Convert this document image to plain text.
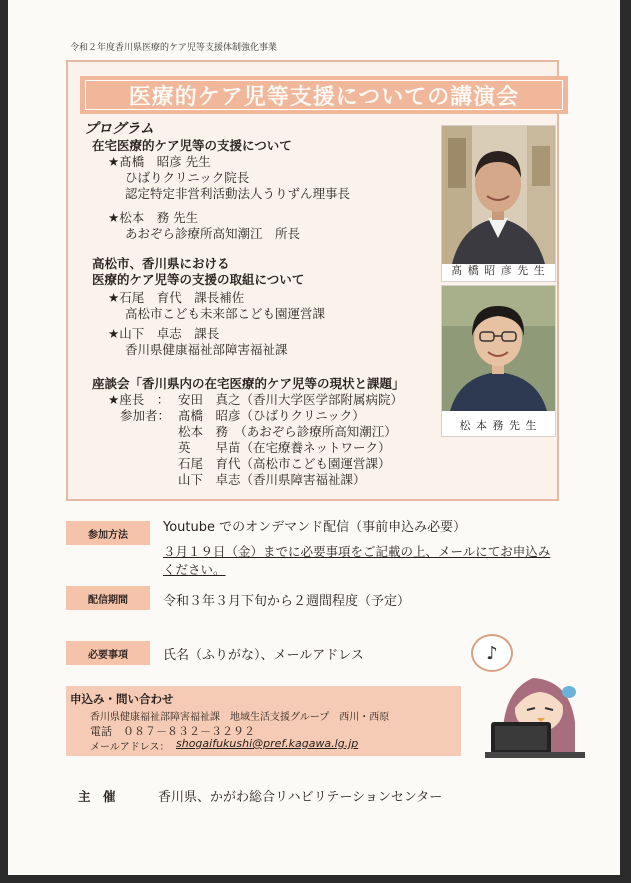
令和２年度香川県医療的ケア児等支援体制強化事業
医療的ケア児等支援についての講演会
プログラム
在宅医療的ケア児等の支援について
★髙橋　昭彦 先生
ひばりクリニック院長
認定特定非営利活動法人うりずん理事長
★松本　務 先生
あおぞら診療所高知潮江　所長
高松市、香川県における
医療的ケア児等の支援の取組について
★石尾　育代　課長補佐
高松市こども未来部こども園運営課
★山下　卓志　課長
香川県健康福祉部障害福祉課
座談会「香川県内の在宅医療的ケア児等の現状と課題」
★座長　： 安田　真之（香川大学医学部附属病院）
参加者： 髙橋　昭彦（ひばりクリニック）
松本　務　（あおぞら診療所高知潮江）
英　　早苗（在宅療養ネットワーク）
石尾　育代（高松市こども園運営課）
山下　卓志（香川県障害福祉課）
髙 橋 昭 彦 先 生
松 本 務 先 生
参加方法	Youtube でのオンデマンド配信（事前申込み必要）
３月１９日（金）までに必要事項をご記載の上、メールにてお申込み
ください。
配信期間	令和３年３月下旬から２週間程度（予定）
必要事項	氏名（ふりがな）、メールアドレス
申込み・問い合わせ
香川県健康福祉部障害福祉課　地域生活支援グループ　西川・西原
電話　０８７－８３２－３２９２
メールアドレス： shogaifukushi@pref.kagawa.lg.jp
♪
主　催	香川県、かがわ総合リハビリテーションセンター
